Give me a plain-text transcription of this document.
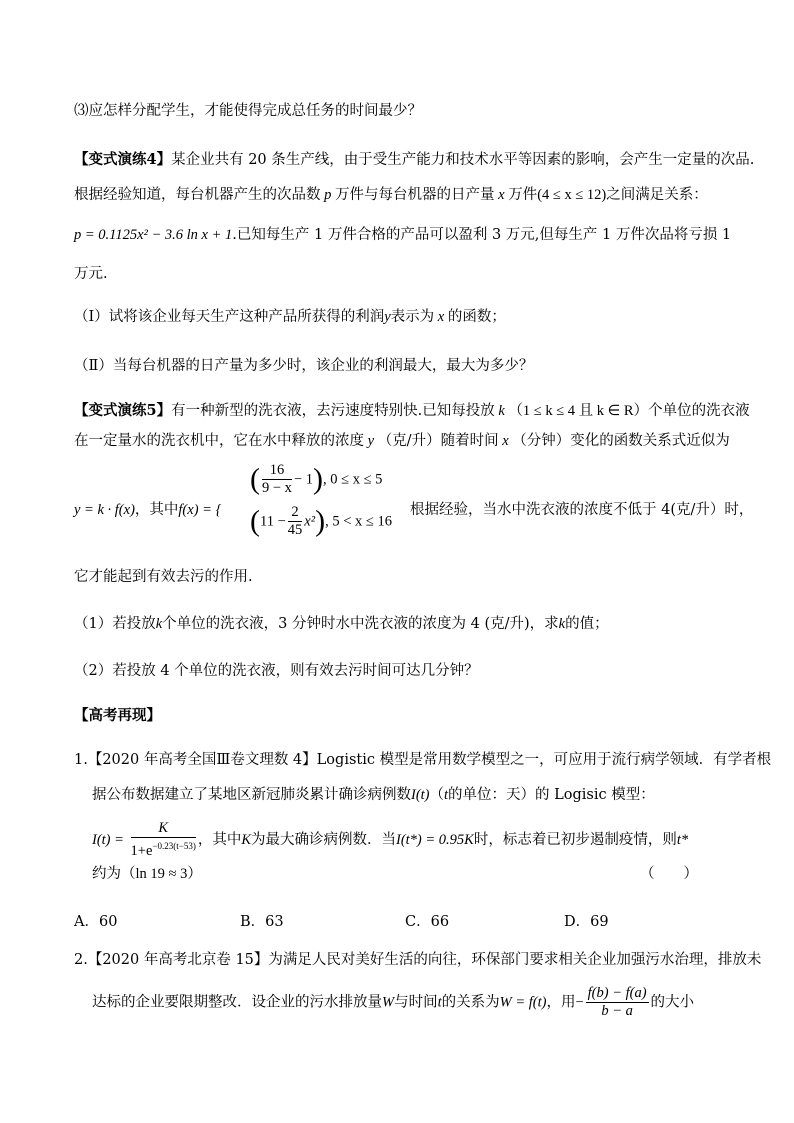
⑶应怎样分配学生，才能使得完成总任务的时间最少？
【变式演练4】某企业共有 20 条生产线，由于受生产能力和技术水平等因素的影响，会产生一定量的次品.
根据经验知道，每台机器产生的次品数 p 万件与每台机器的日产量 x 万件(4 ≤ x ≤ 12)之间满足关系：
p = 0.1125x² − 3.6 ln x + 1.已知每生产 1 万件合格的产品可以盈利 3 万元,但每生产 1 万件次品将亏损 1
万元.
（Ⅰ）试将该企业每天生产这种产品所获得的利润y表示为 x 的函数；
（Ⅱ）当每台机器的日产量为多少时，该企业的利润最大，最大为多少？
【变式演练5】有一种新型的洗衣液，去污速度特别快.已知每投放 k （1 ≤ k ≤ 4 且 k ∈ R）个单位的洗衣液
在一定量水的洗衣机中，它在水中释放的浓度 y （克/升）随着时间 x （分钟）变化的函数关系式近似为
y = k · f(x)，其中f(x) = {
( $\frac{16}{9 - x} - 1$), 0 ≤ x ≤ 5
$(11 - \frac{2}{45} x^2)$, 5 < x ≤ 16
根据经验，当水中洗衣液的浓度不低于 4(克/升）时，
它才能起到有效去污的作用.
（1）若投放k个单位的洗衣液，3 分钟时水中洗衣液的浓度为 4 (克/升)，求k的值；
（2）若投放 4 个单位的洗衣液，则有效去污时间可达几分钟？
【高考再现】
1.【2020 年高考全国Ⅲ卷文理数 4】Logistic 模型是常用数学模型之一，可应用于流行病学领域．有学者根
据公布数据建立了某地区新冠肺炎累计确诊病例数I(t)（t的单位：天）的 Logisic 模型：
$I(t) = \frac{K}{1+e^{-0.23(t-53)}}$ ，其中K为最大确诊病例数．当I(t*) = 0.95K时，标志着已初步遏制疫情，则t*
约为（ln 19 ≈ 3）	（　　）
A．60	B．63	C．66	D．69
2.【2020 年高考北京卷 15】为满足人民对美好生活的向往，环保部门要求相关企业加强污水治理，排放未
达标的企业要限期整改．设企业的污水排放量W与时间t的关系为W = f(t)，用− $\frac{f(b) - f(a)}{b - a}$ 的大小
